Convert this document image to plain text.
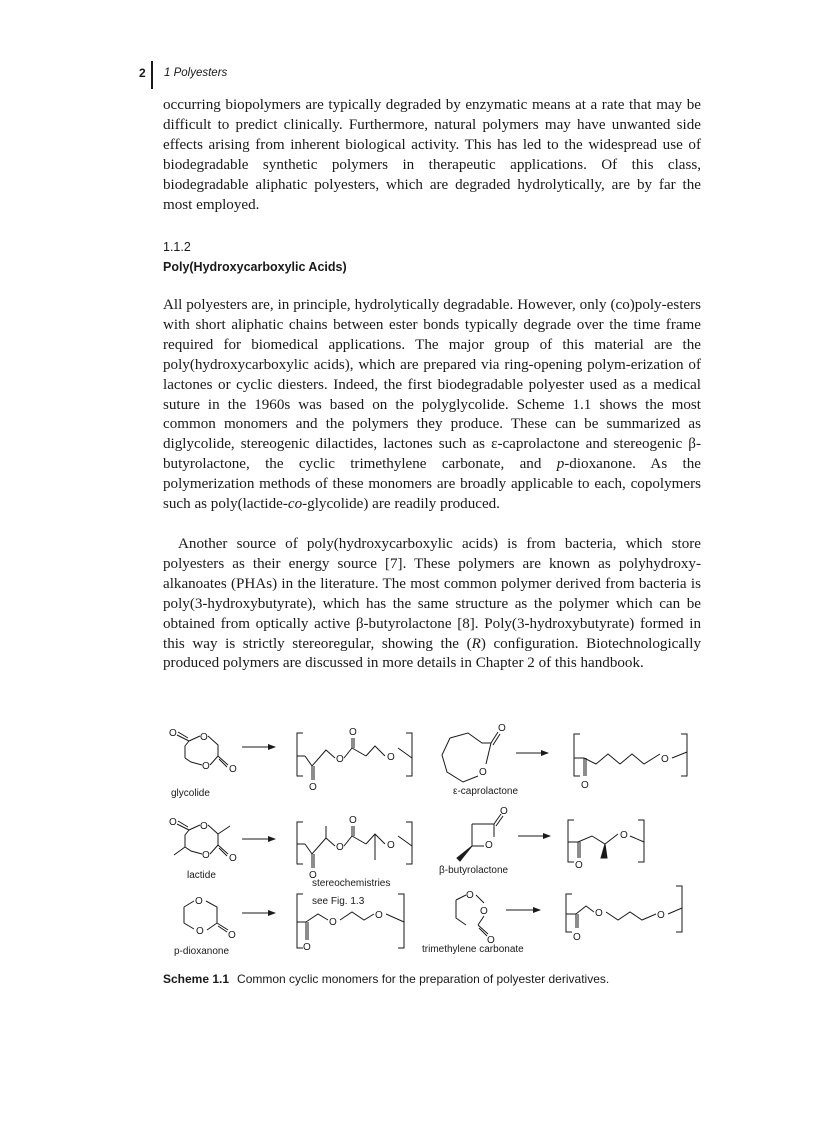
2 1 Polyesters

occurring biopolymers are typically degraded by enzymatic means at a rate that may be difficult to predict clinically. Furthermore, natural polymers may have unwanted side effects arising from inherent biological activity. This has led to the widespread use of biodegradable synthetic polymers in therapeutic applications. Of this class, biodegradable aliphatic polyesters, which are degraded hydrolytically, are by far the most employed.

1.1.2
Poly(Hydroxycarboxylic Acids)

All polyesters are, in principle, hydrolytically degradable. However, only (co)poly-esters with short aliphatic chains between ester bonds typically degrade over the time frame required for biomedical applications. The major group of this material are the poly(hydroxycarboxylic acids), which are prepared via ring-opening polym-erization of lactones or cyclic diesters. Indeed, the first biodegradable polyester used as a medical suture in the 1960s was based on the polyglycolide. Scheme 1.1 shows the most common monomers and the polymers they produce. These can be summarized as diglycolide, stereogenic dilactides, lactones such as ε-caprolactone and stereogenic β-butyrolactone, the cyclic trimethylene carbonate, and p-dioxanone. As the polymerization methods of these monomers are broadly applicable to each, copolymers such as poly(lactide-co-glycolide) are readily produced.

Another source of poly(hydroxycarboxylic acids) is from bacteria, which store polyesters as their energy source [7]. These polymers are known as polyhydroxy-alkanoates (PHAs) in the literature. The most common polymer derived from bacteria is poly(3-hydroxybutyrate), which has the same structure as the polymer which can be obtained from optically active β-butyrolactone [8]. Poly(3-hydroxybutyrate) formed in this way is strictly stereoregular, showing the (R) configuration. Biotechnologically produced polymers are discussed in more details in Chapter 2 of this handbook.

O
O
O
O
O
O
O
O
O
O
O
O
O
O
O
O
O
O
O
O	O
O
O
O
O
O O
O
O
O
O
O
O	O
O	O
glycolide	ε-caprolactone
lactide	β-butyrolactone
stereochemistries
see Fig. 1.3
p-dioxanone	trimethylene carbonate
Scheme 1.1 Common cyclic monomers for the preparation of polyester derivatives.
